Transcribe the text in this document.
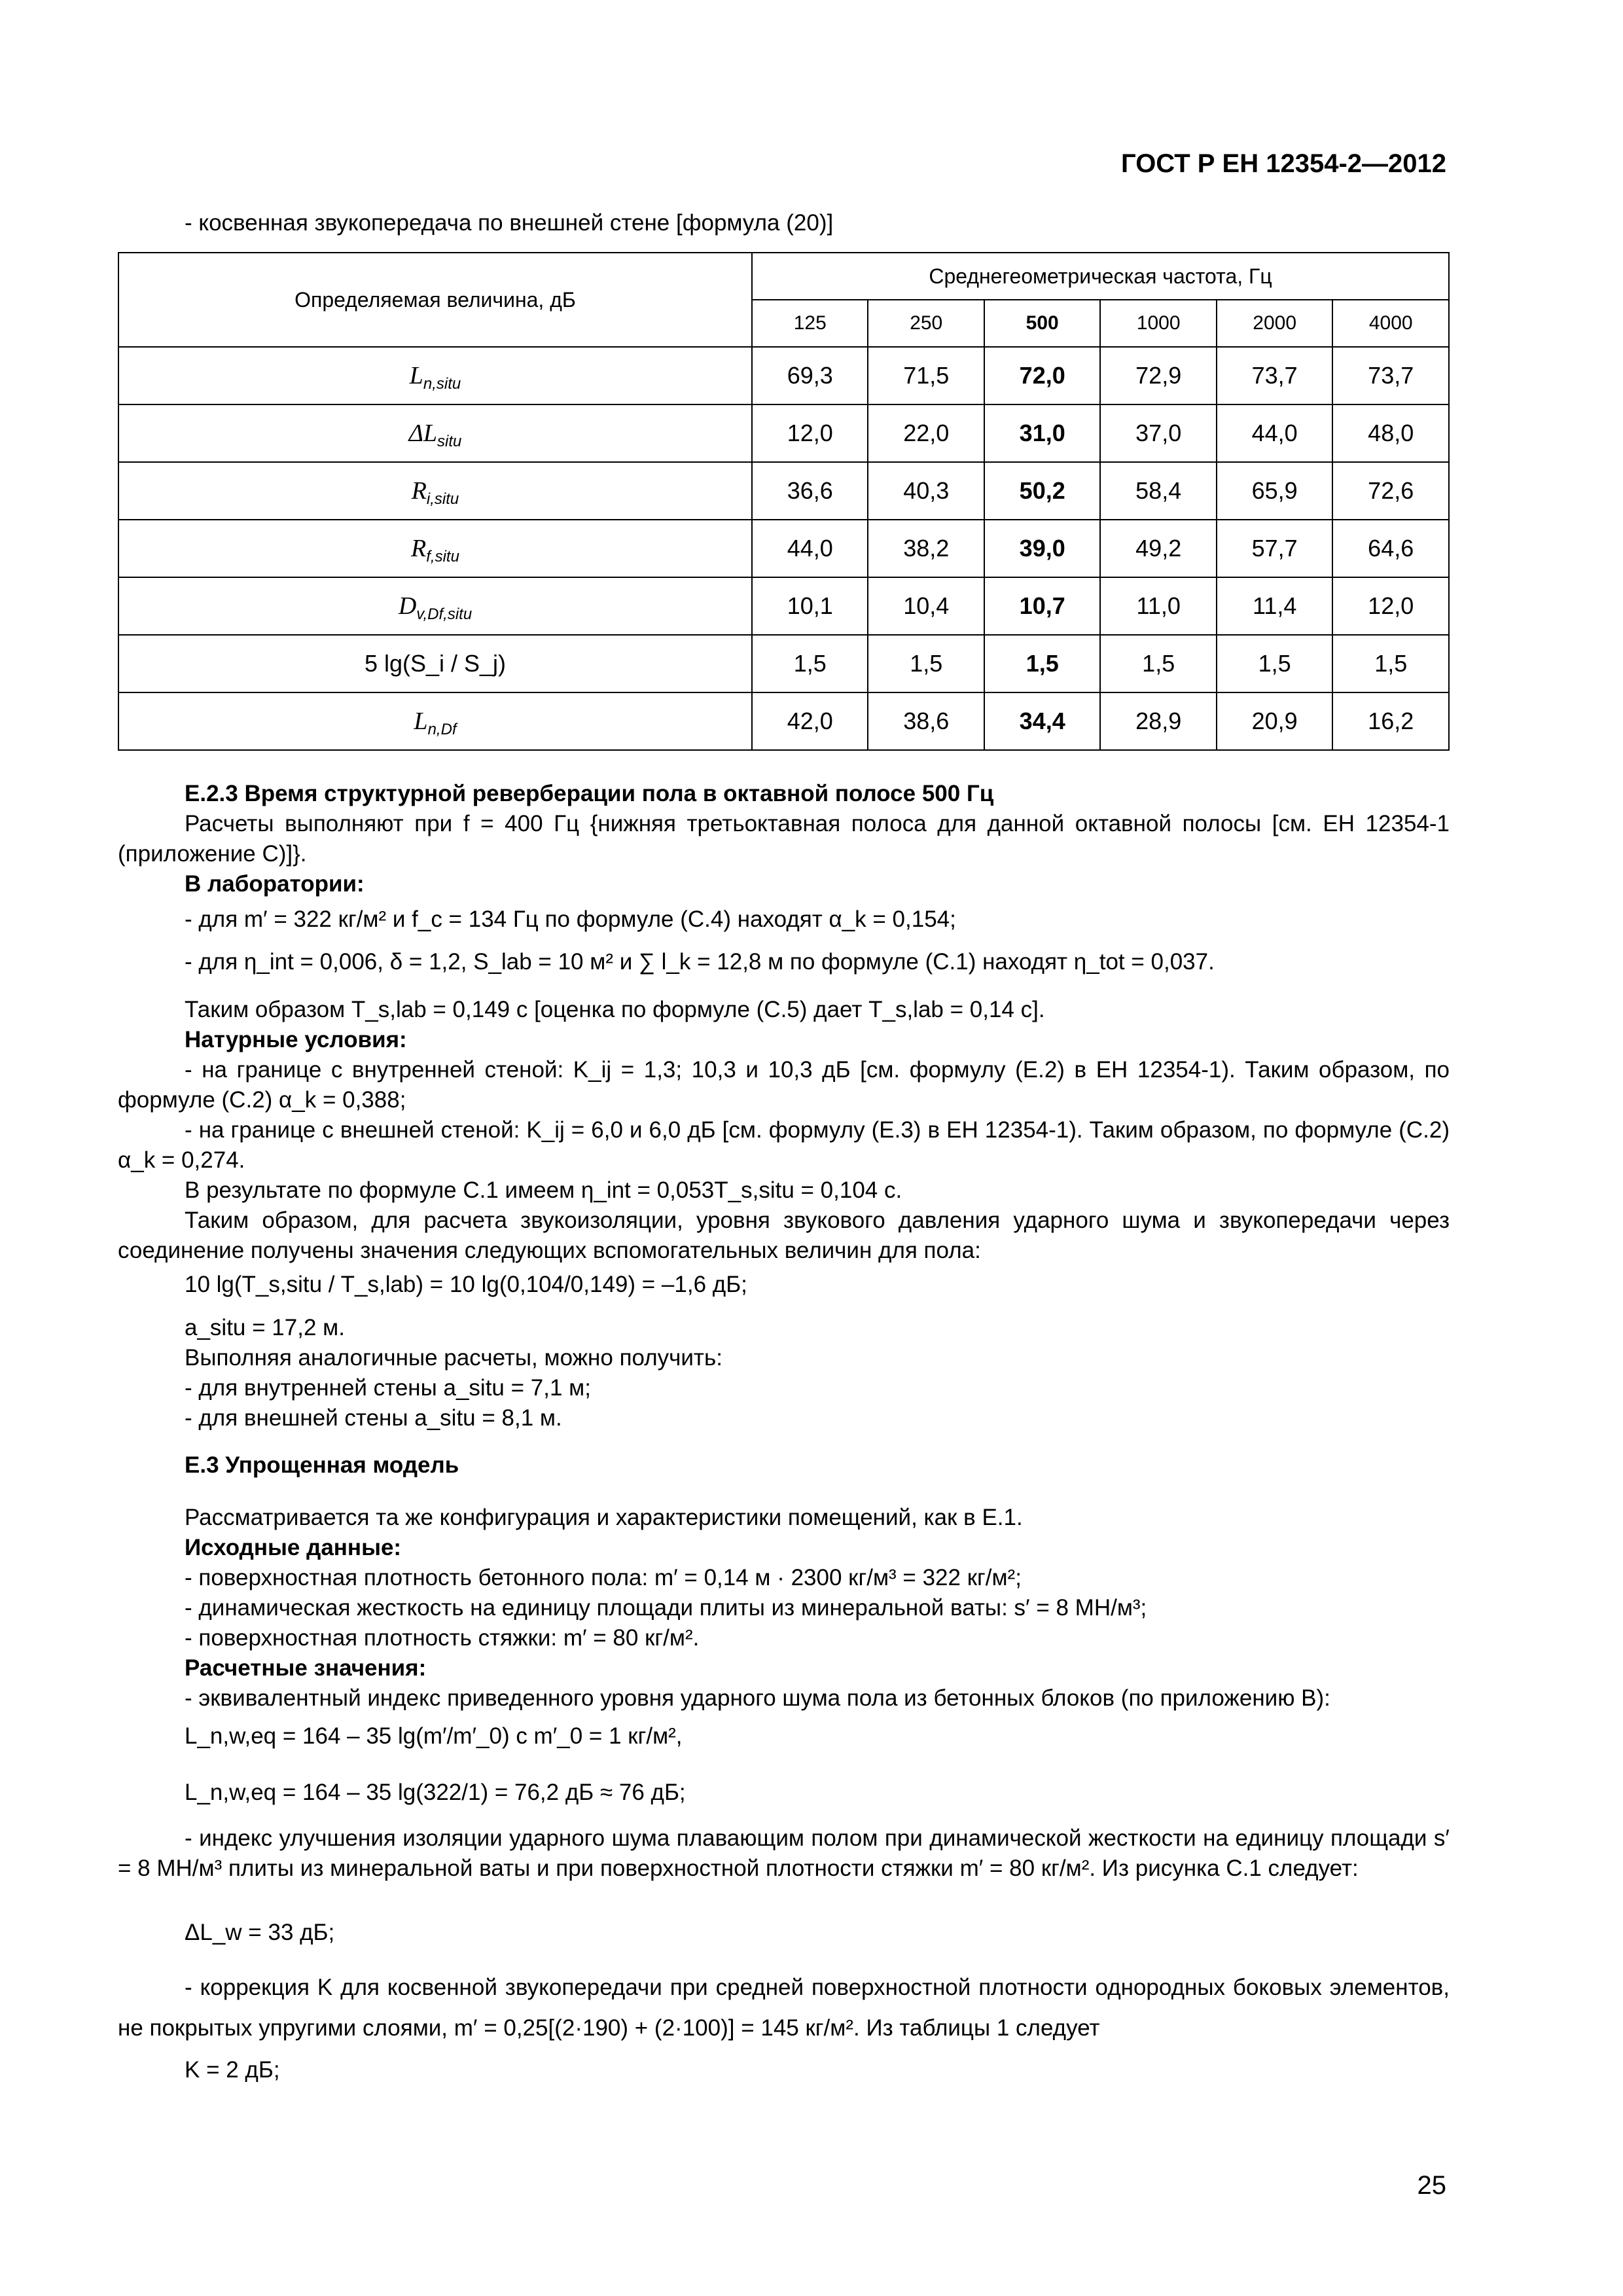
ГОСТ Р ЕН 12354-2—2012
- косвенная звукопередача по внешней стене [формула (20)]
Определяемая величина, дБ	Среднегеометрическая частота, Гц					
	125	250	500	1000	2000	4000
$L_{n,situ}$	69,3	71,5	72,0	72,9	73,7	73,7
$\Delta L_{situ}$	12,0	22,0	31,0	37,0	44,0	48,0
$R_{i,situ}$	36,6	40,3	50,2	58,4	65,9	72,6
$R_{f,situ}$	44,0	38,2	39,0	49,2	57,7	64,6
$D_{v,Df,situ}$	10,1	10,4	10,7	11,0	11,4	12,0
5 lg(S_i / S_j)	1,5	1,5	1,5	1,5	1,5	1,5
$L_{n,Df}$	42,0	38,6	34,4	28,9	20,9	16,2
Е.2.3 Время структурной реверберации пола в октавной полосе 500 Гц
Расчеты выполняют при f = 400 Гц {нижняя третьоктавная полоса для данной октавной полосы [см. ЕН 12354-1 (приложение С)]}.
В лаборатории:
- для m′ = 322 кг/м² и f_c = 134 Гц по формуле (С.4) находят α_k = 0,154;
- для η_int = 0,006, δ = 1,2, S_lab = 10 м² и ∑ l_k = 12,8 м по формуле (С.1) находят η_tot = 0,037.
Таким образом T_s,lab = 0,149 с [оценка по формуле (С.5) дает T_s,lab = 0,14 с].
Натурные условия:
- на границе с внутренней стеной: K_ij = 1,3; 10,3 и 10,3 дБ [см. формулу (Е.2) в ЕН 12354-1). Таким образом, по формуле (С.2) α_k = 0,388;
- на границе с внешней стеной: K_ij = 6,0 и 6,0 дБ [см. формулу (Е.3) в ЕН 12354-1). Таким образом, по формуле (С.2) α_k = 0,274.
В результате по формуле С.1 имеем η_int = 0,053T_s,situ = 0,104 с.
Таким образом, для расчета звукоизоляции, уровня звукового давления ударного шума и звукопередачи через соединение получены значения следующих вспомогательных величин для пола:
10 lg(T_s,situ / T_s,lab) = 10 lg(0,104/0,149) = –1,6 дБ;
a_situ = 17,2 м.
Выполняя аналогичные расчеты, можно получить:
- для внутренней стены a_situ = 7,1 м;
- для внешней стены a_situ = 8,1 м.
Е.3 Упрощенная модель
Рассматривается та же конфигурация и характеристики помещений, как в Е.1.
Исходные данные:
- поверхностная плотность бетонного пола: m′ = 0,14 м · 2300 кг/м³ = 322 кг/м²;
- динамическая жесткость на единицу площади плиты из минеральной ваты: s′ = 8 МН/м³;
- поверхностная плотность стяжки: m′ = 80 кг/м².
Расчетные значения:
- эквивалентный индекс приведенного уровня ударного шума пола из бетонных блоков (по приложению В):
L_n,w,eq = 164 – 35 lg(m′/m′_0) с m′_0 = 1 кг/м²,
L_n,w,eq = 164 – 35 lg(322/1) = 76,2 дБ ≈ 76 дБ;
- индекс улучшения изоляции ударного шума плавающим полом при динамической жесткости на единицу площади s′ = 8 МН/м³ плиты из минеральной ваты и при поверхностной плотности стяжки m′ = 80 кг/м². Из рисунка С.1 следует:
ΔL_w = 33 дБ;
- коррекция K для косвенной звукопередачи при средней поверхностной плотности однородных боковых элементов, не покрытых упругими слоями, m′ = 0,25[(2·190) + (2·100)] = 145 кг/м². Из таблицы 1 следует
K = 2 дБ;
25
